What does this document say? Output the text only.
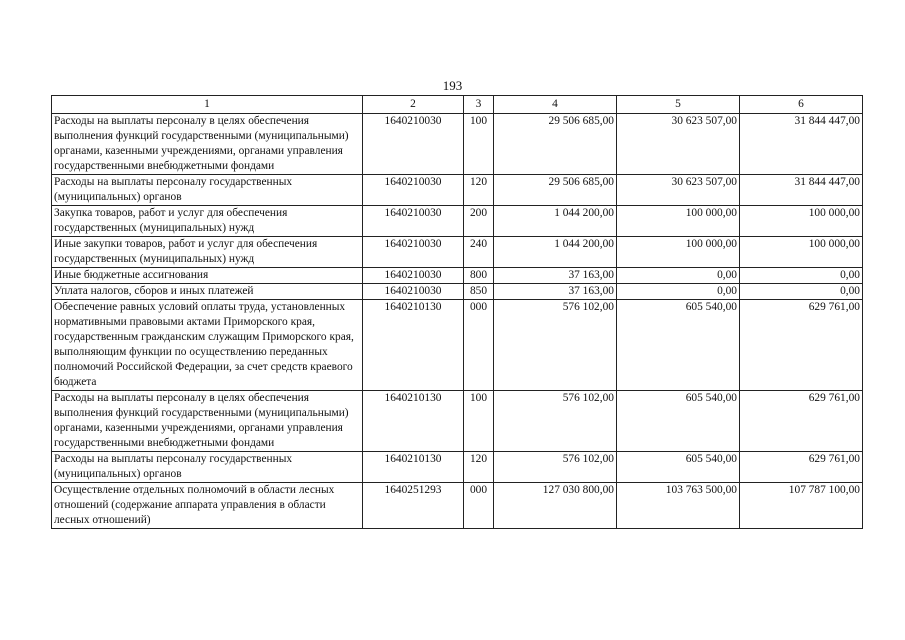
193
1	2	3	4	5	6
Расходы на выплаты персоналу в целях обеспечения выполнения функций государственными (муниципальными) органами, казенными учреждениями, органами управления государственными внебюджетными фондами	1640210030	100	29 506 685,00	30 623 507,00	31 844 447,00
Расходы на выплаты персоналу государственных (муниципальных) органов	1640210030	120	29 506 685,00	30 623 507,00	31 844 447,00
Закупка товаров, работ и услуг для обеспечения государственных (муниципальных) нужд	1640210030	200	1 044 200,00	100 000,00	100 000,00
Иные закупки товаров, работ и услуг для обеспечения государственных (муниципальных) нужд	1640210030	240	1 044 200,00	100 000,00	100 000,00
Иные бюджетные ассигнования	1640210030	800	37 163,00	0,00	0,00
Уплата налогов, сборов и иных платежей	1640210030	850	37 163,00	0,00	0,00
Обеспечение равных условий оплаты труда, установленных нормативными правовыми актами Приморского края, государственным гражданским служащим Приморского края, выполняющим функции по осуществлению переданных полномочий Российской Федерации, за счет средств краевого бюджета	1640210130	000	576 102,00	605 540,00	629 761,00
Расходы на выплаты персоналу в целях обеспечения выполнения функций государственными (муниципальными) органами, казенными учреждениями, органами управления государственными внебюджетными фондами	1640210130	100	576 102,00	605 540,00	629 761,00
Расходы на выплаты персоналу государственных (муниципальных) органов	1640210130	120	576 102,00	605 540,00	629 761,00
Осуществление отдельных полномочий в области лесных отношений (содержание аппарата управления в области лесных отношений)	1640251293	000	127 030 800,00	103 763 500,00	107 787 100,00
